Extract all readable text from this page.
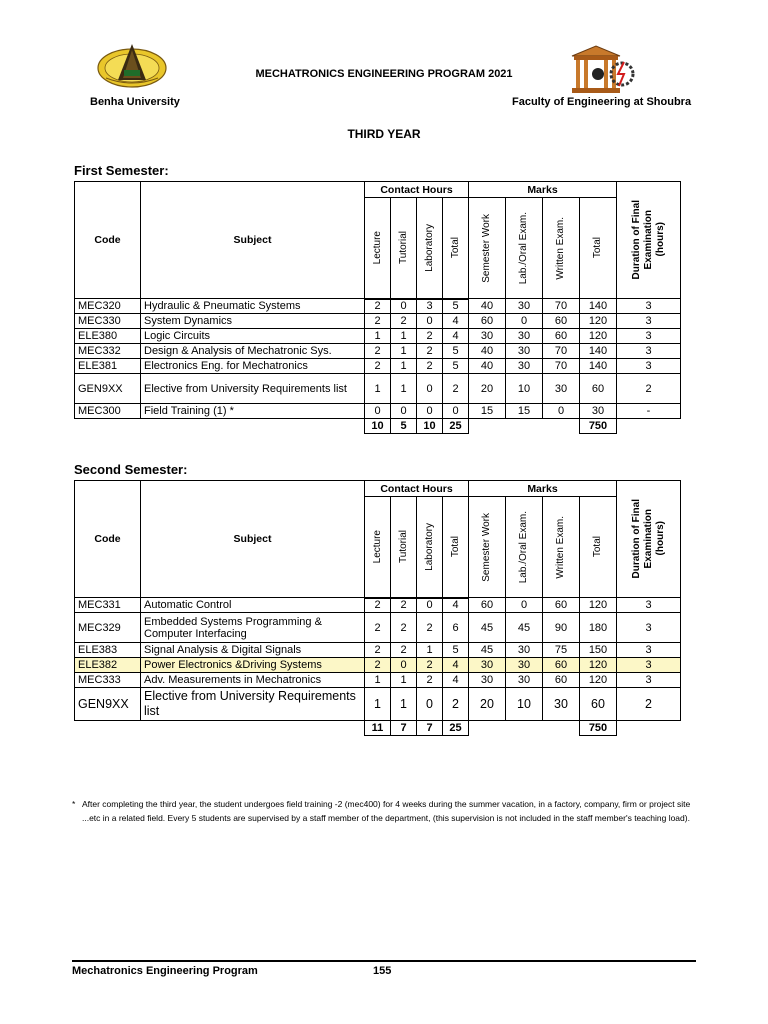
MECHATRONICS ENGINEERING PROGRAM 2021
Benha University	Faculty of Engineering at Shoubra
THIRD YEAR
First Semester:
Code	Subject	Contact Hours				Marks				Duration of Final
Examination
(hours)

		Lecture	Tutorial	Laboratory	Total	Semester Work	Lab./Oral Exam.	Written Exam.	Total	

MEC320	Hydraulic & Pneumatic Systems	2	0	3	5	40	30	70	140	3
MEC330	System Dynamics	2	2	0	4	60	0	60	120	3
ELE380	Logic Circuits	1	1	2	4	30	30	60	120	3
MEC332	Design & Analysis of Mechatronic Sys.	2	1	2	5	40	30	70	140	3
ELE381	Electronics Eng. for Mechatronics	2	1	2	5	40	30	70	140	3
GEN9XX	Elective from University Requirements list	1	1	0	2	20	10	30	60	2
MEC300	Field Training (1) *	0	0	0	0	15	15	0	30	-
		10	5	10	25				750	
Second Semester:
Code	Subject	Contact Hours				Marks				Duration of Final
Examination
(hours)

		Lecture	Tutorial	Laboratory	Total	Semester Work	Lab./Oral Exam.	Written Exam.	Total	

MEC331	Automatic Control	2	2	0	4	60	0	60	120	3
MEC329	Embedded Systems Programming & Computer Interfacing	2	2	2	6	45	45	90	180	3
ELE383	Signal Analysis & Digital Signals	2	2	1	5	45	30	75	150	3
ELE382	Power Electronics &Driving Systems	2	0	2	4	30	30	60	120	3
MEC333	Adv. Measurements in Mechatronics	1	1	2	4	30	30	60	120	3
GEN9XX	Elective from University Requirements list	1	1	0	2	20	10	30	60	2
		11	7	7	25				750	
* After completing the third year, the student undergoes field training -2 (mec400) for 4 weeks during the summer vacation, in a factory, company, firm or project site ...etc in a related field. Every 5 students are supervised by a staff member of the department, (this supervision is not included in the staff member's teaching load).
Mechatronics Engineering Program	155
